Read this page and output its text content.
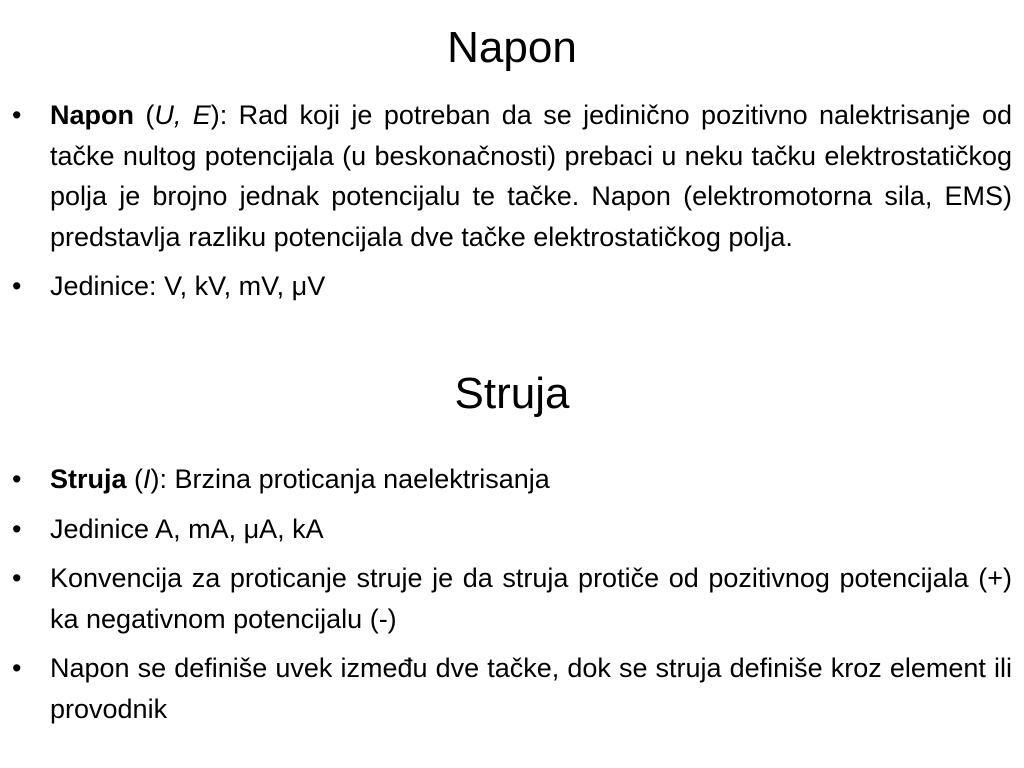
Napon
•	Napon (U, E): Rad koji je potreban da se jedinično pozitivno nalektrisanje od tačke nultog potencijala (u beskonačnosti) prebaci u neku tačku elektrostatičkog polja je brojno jednak potencijalu te tačke. Napon (elektromotorna sila, EMS) predstavlja razliku potencijala dve tačke elektrostatičkog polja.
•	Jedinice: V, kV, mV, μV
Struja
•	Struja (I): Brzina proticanja naelektrisanja
•	Jedinice A, mA, μA, kA
•	Konvencija za proticanje struje je da struja protiče od pozitivnog potencijala (+) ka negativnom potencijalu (-)
•	Napon se definiše uvek između dve tačke, dok se struja definiše kroz element ili provodnik
